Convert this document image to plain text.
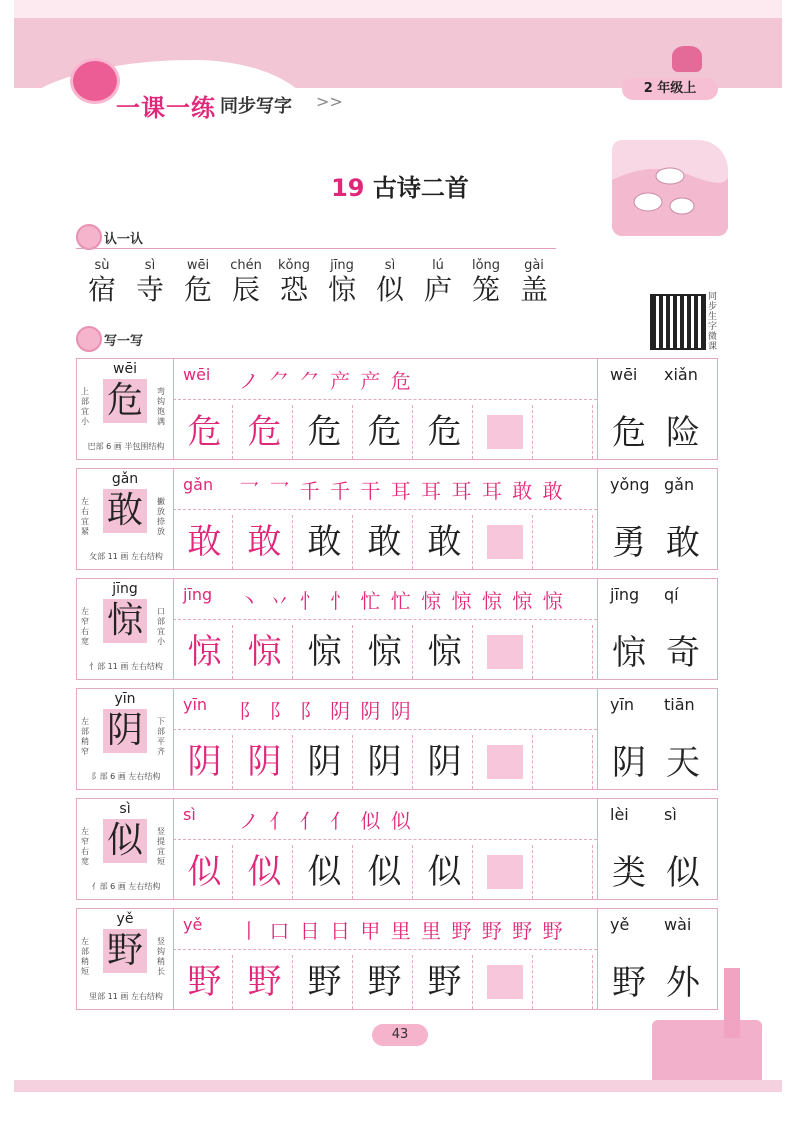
一课一练 同步写字 >>
2 年级上
19 古诗二首
认一认
sù
宿
sì
寺
wēi
危
chén
辰
kǒng
恐
jīng
惊
sì
似
lú
庐
lǒng
笼
gài
盖	同步生字微课
写一写
wēi
危
上部宜小
弯钩饱满
巴部 6 画 半包围结构
wēi ノ ⺈ ⺈ 产 产 危
危 危 危 危 危
wēi xiǎn
危 险
gǎn
敢
左右宜紧
撇放捺放
攵部 11 画 左右结构
gǎn 乛 乛 千 千 干 耳 耳 耳 耳 敢 敢
敢 敢 敢 敢 敢
yǒng gǎn
勇 敢
jīng
惊
左窄右宽
口部宜小
忄部 11 画 左右结构
jīng 丶 丷 忄 忄 忙 忙 惊 惊 惊 惊 惊
惊 惊 惊 惊 惊
jīng qí
惊 奇
yīn
阴
左部稍窄
下部平齐
阝部 6 画 左右结构
yīn 阝 阝 阝 阴 阴 阴
阴 阴 阴 阴 阴
yīn tiān
阴 天
sì
似
左窄右宽
竖提宜短
亻部 6 画 左右结构
sì ノ 亻 亻 亻 似 似
似 似 似 似 似
lèi sì
类 似
yě
野
左部稍短
竖钩稍长
里部 11 画 左右结构
yě 丨 口 日 日 甲 里 里 野 野 野 野
野 野 野 野 野
yě wài
野 外
43
